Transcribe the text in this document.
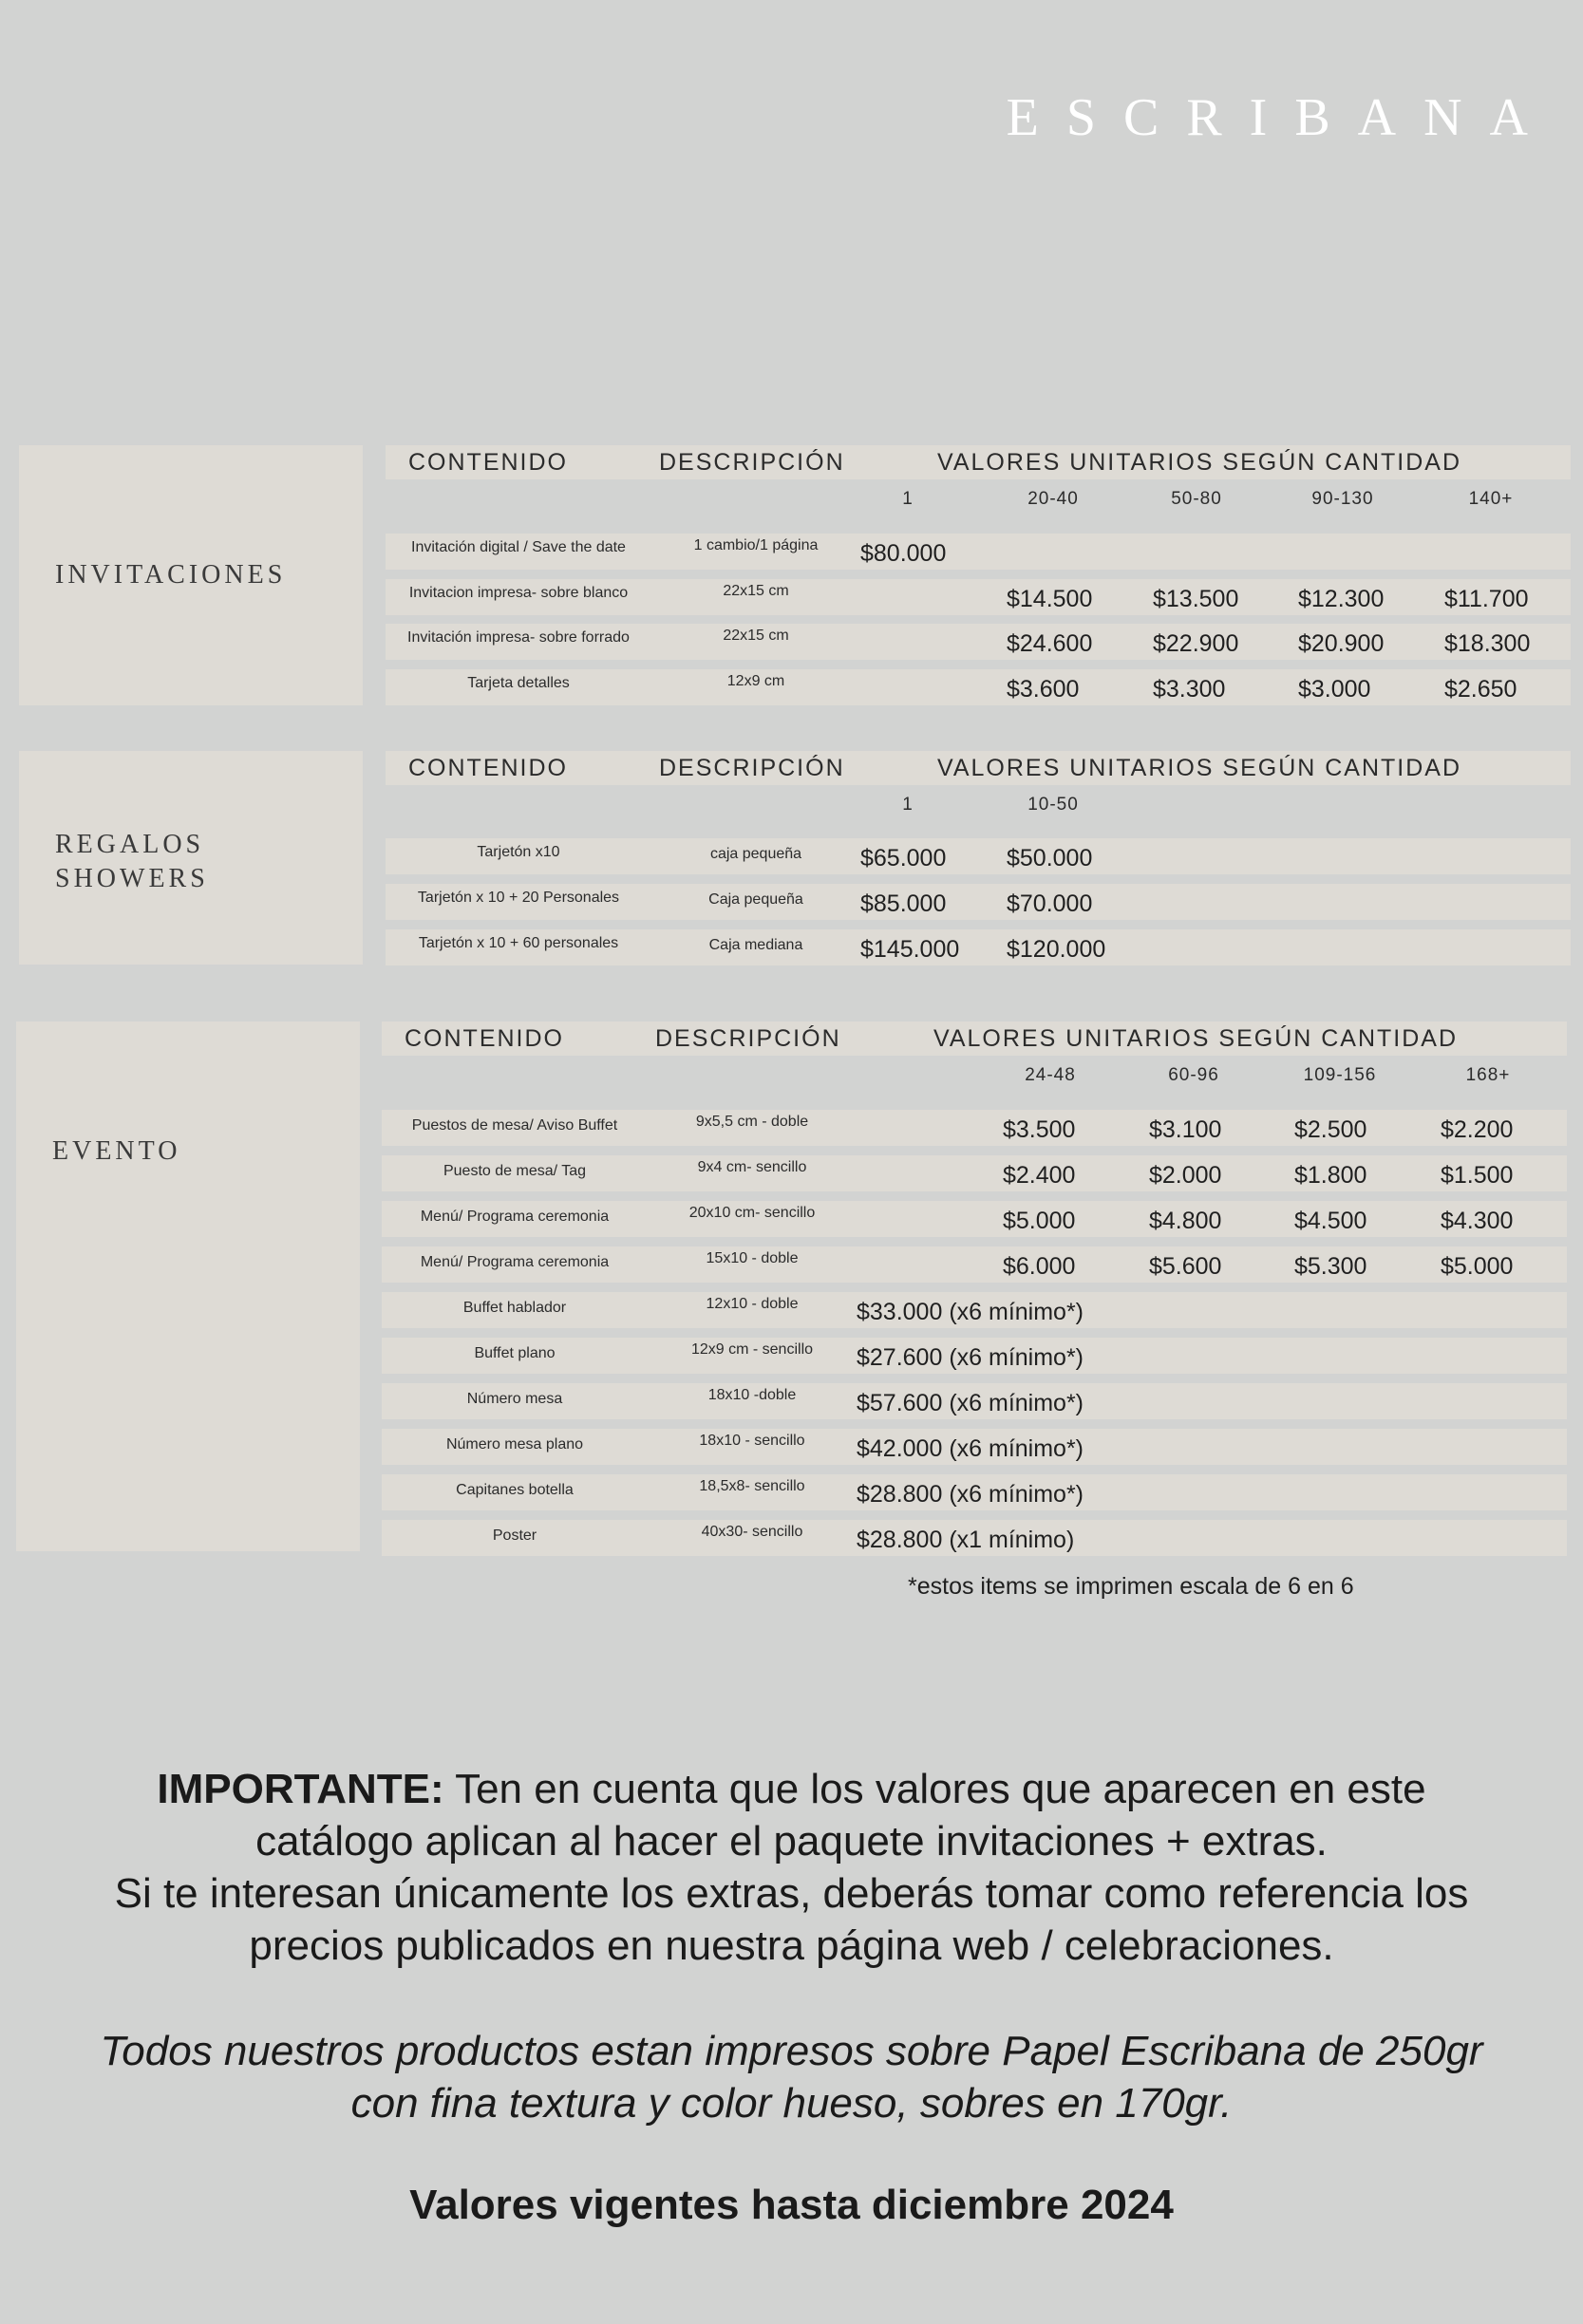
ESCRIBANA
INVITACIONES
CONTENIDO	DESCRIPCIÓN	VALORES UNITARIOS SEGÚN CANTIDAD
1	20-40	50-80	90-130	140+
Invitación digital / Save the date	1 cambio/1 página	$80.000
Invitacion impresa- sobre blanco	22x15 cm	$14.500	$13.500	$12.300	$11.700
Invitación impresa- sobre forrado	22x15 cm	$24.600	$22.900	$20.900	$18.300
Tarjeta detalles	12x9 cm	$3.600	$3.300	$3.000	$2.650
REGALOS
SHOWERS
CONTENIDO	DESCRIPCIÓN	VALORES UNITARIOS SEGÚN CANTIDAD
1	10-50
Tarjetón x10	caja pequeña	$65.000	$50.000
Tarjetón x 10 + 20 Personales	Caja pequeña	$85.000	$70.000
Tarjetón x 10 + 60 personales	Caja mediana	$145.000 $120.000
EVENTO
CONTENIDO	DESCRIPCIÓN	VALORES UNITARIOS SEGÚN CANTIDAD
24-48	60-96	109-156	168+
Puestos de mesa/ Aviso Buffet	9x5,5 cm - doble	$3.500	$3.100	$2.500	$2.200
Puesto de mesa/ Tag	9x4 cm- sencillo	$2.400	$2.000	$1.800	$1.500
Menú/ Programa ceremonia	20x10 cm- sencillo	$5.000	$4.800	$4.500	$4.300
Menú/ Programa ceremonia	15x10 - doble	$6.000	$5.600	$5.300	$5.000
Buffet hablador	12x10 - doble	$33.000 (x6 mínimo*)
Buffet plano	12x9 cm - sencillo	$27.600 (x6 mínimo*)
Número mesa	18x10 -doble	$57.600 (x6 mínimo*)
Número mesa plano	18x10 - sencillo	$42.000 (x6 mínimo*)
Capitanes botella	18,5x8- sencillo	$28.800 (x6 mínimo*)
Poster	40x30- sencillo	$28.800 (x1 mínimo)
*estos items se imprimen escala de 6 en 6
IMPORTANTE: Ten en cuenta que los valores que aparecen en este
catálogo aplican al hacer el paquete invitaciones + extras.
Si te interesan únicamente los extras, deberás tomar como referencia los
precios publicados en nuestra página web / celebraciones.
Todos nuestros productos estan impresos sobre Papel Escribana de 250gr
con fina textura y color hueso, sobres en 170gr.
Valores vigentes hasta diciembre 2024
